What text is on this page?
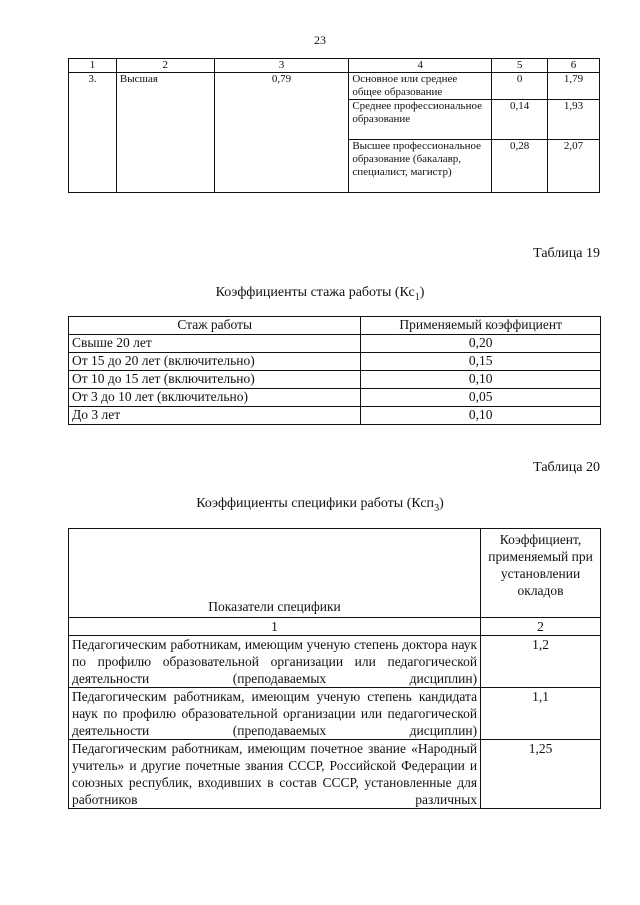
23
1	2	3	4	5	6
3.	Высшая	0,79	Основное или среднее общее образование	0	1,79
			Среднее профессиональное образование	0,14	1,93
			Высшее профессиональное образование (бакалавр, специалист, магистр)	0,28	2,07
Таблица 19
Коэффициенты стажа работы $(Кс_1)$
Стаж работы	Применяемый коэффициент
Свыше 20 лет	0,20
От 15 до 20 лет (включительно)	0,15
От 10 до 15 лет (включительно)	0,10
От 3 до 10 лет (включительно)	0,05
До 3 лет	0,10
Таблица 20
Коэффициенты специфики работы (Ксп$_3$)
Показатели специфики	Коэффициент, применяемый при установлении окладов
1	2
Педагогическим работникам, имеющим ученую степень доктора наук по профилю образовательной организации или педагогической деятельности (преподаваемых дисциплин)	1,2
Педагогическим работникам, имеющим ученую степень кандидата наук по профилю образовательной организации или педагогической деятельности (преподаваемых дисциплин)	1,1
Педагогическим работникам, имеющим почетное звание «Народный учитель» и другие почетные звания СССР, Российской Федерации и союзных республик, входивших в состав СССР, установленные для работников различных	1,25
